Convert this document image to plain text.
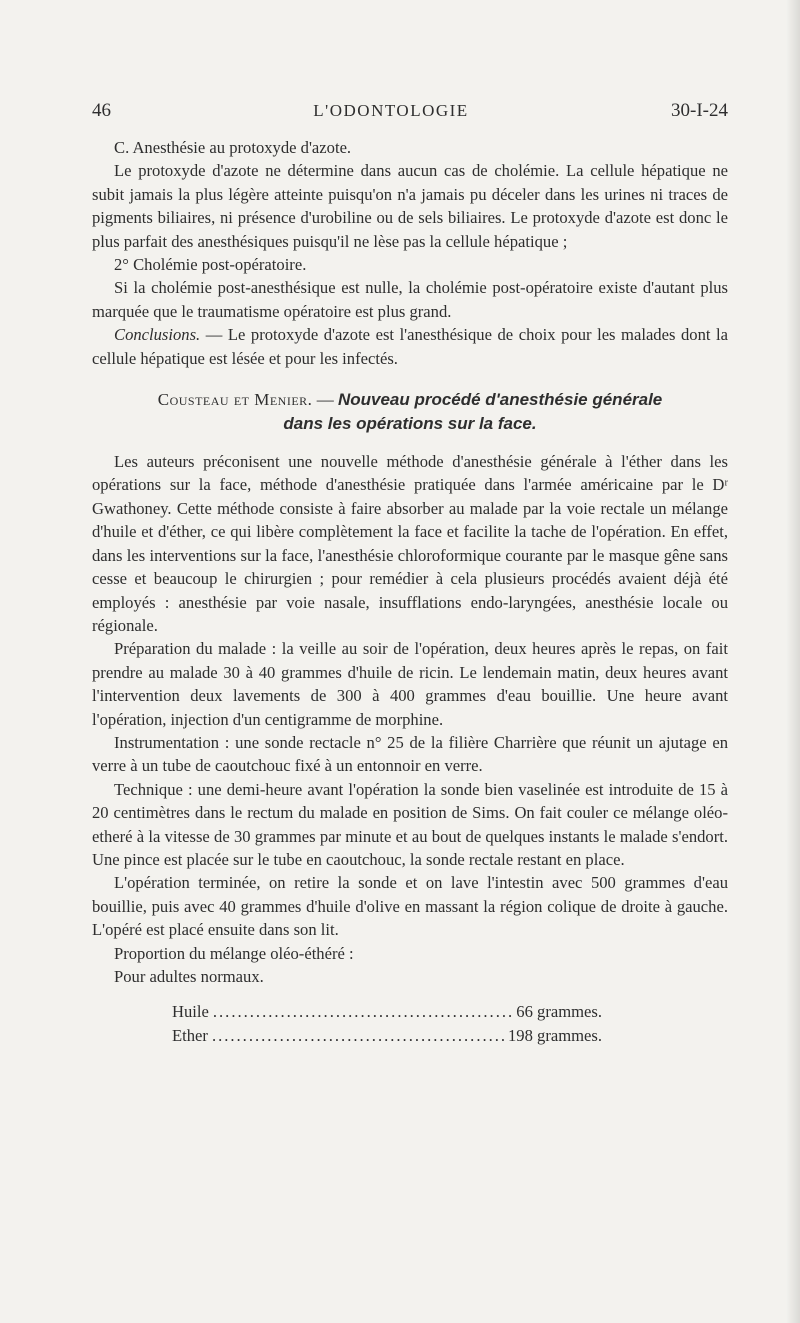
46	L'ODONTOLOGIE	30-I-24

C. Anesthésie au protoxyde d'azote.

Le protoxyde d'azote ne détermine dans aucun cas de cholémie. La cellule hépatique ne subit jamais la plus légère atteinte puisqu'on n'a jamais pu déceler dans les urines ni traces de pigments biliaires, ni présence d'urobiline ou de sels biliaires. Le protoxyde d'azote est donc le plus parfait des anesthésiques puisqu'il ne lèse pas la cellule hépatique ;

2° Cholémie post-opératoire.

Si la cholémie post-anesthésique est nulle, la cholémie post-opératoire existe d'autant plus marquée que le traumatisme opératoire est plus grand.

Conclusions. — Le protoxyde d'azote est l'anesthésique de choix pour les malades dont la cellule hépatique est lésée et pour les infectés.

Cousteau et Menier. — Nouveau procédé d'anesthésie générale
dans les opérations sur la face.

Les auteurs préconisent une nouvelle méthode d'anesthésie générale à l'éther dans les opérations sur la face, méthode d'anesthésie pratiquée dans l'armée américaine par le Dʳ Gwathoney. Cette méthode consiste à faire absorber au malade par la voie rectale un mélange d'huile et d'éther, ce qui libère complètement la face et facilite la tache de l'opération. En effet, dans les interventions sur la face, l'anesthésie chloroformique courante par le masque gêne sans cesse et beaucoup le chirurgien ; pour remédier à cela plusieurs procédés avaient déjà été employés : anesthésie par voie nasale, insufflations endo-laryngées, anesthésie locale ou régionale.

Préparation du malade : la veille au soir de l'opération, deux heures après le repas, on fait prendre au malade 30 à 40 grammes d'huile de ricin. Le lendemain matin, deux heures avant l'intervention deux lavements de 300 à 400 grammes d'eau bouillie. Une heure avant l'opération, injection d'un centigramme de morphine.

Instrumentation : une sonde rectacle n° 25 de la filière Charrière que réunit un ajutage en verre à un tube de caoutchouc fixé à un entonnoir en verre.

Technique : une demi-heure avant l'opération la sonde bien vaselinée est introduite de 15 à 20 centimètres dans le rectum du malade en position de Sims. On fait couler ce mélange oléo-etheré à la vitesse de 30 grammes par minute et au bout de quelques instants le malade s'endort. Une pince est placée sur le tube en caoutchouc, la sonde rectale restant en place.

L'opération terminée, on retire la sonde et on lave l'intestin avec 500 grammes d'eau bouillie, puis avec 40 grammes d'huile d'olive en massant la région colique de droite à gauche. L'opéré est placé ensuite dans son lit.

Proportion du mélange oléo-éthéré :

Pour adultes normaux.

Huile .....	66 grammes.
Ether .....	198 grammes.
